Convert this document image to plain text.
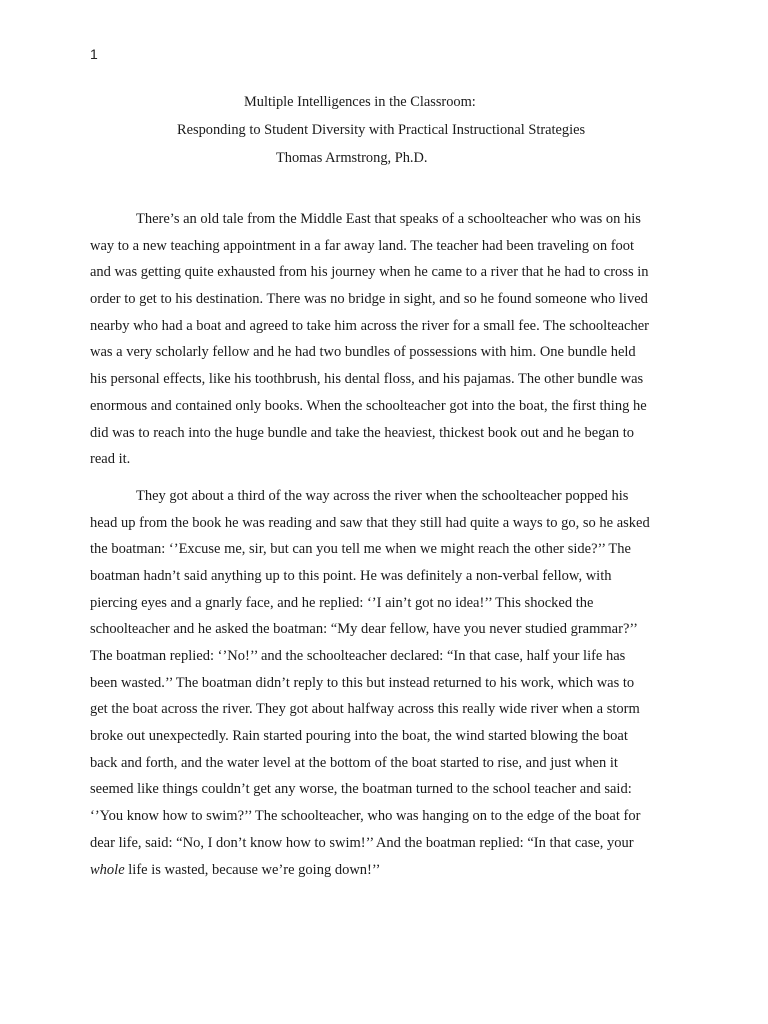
1
Multiple Intelligences in the Classroom:
Responding to Student Diversity with Practical Instructional Strategies
Thomas Armstrong, Ph.D.
There’s an old tale from the Middle East that speaks of a schoolteacher who was on his
way to a new teaching appointment in a far away land. The teacher had been traveling on foot
and was getting quite exhausted from his journey when he came to a river that he had to cross in
order to get to his destination. There was no bridge in sight, and so he found someone who lived
nearby who had a boat and agreed to take him across the river for a small fee. The schoolteacher
was a very scholarly fellow and he had two bundles of possessions with him. One bundle held
his personal effects, like his toothbrush, his dental floss, and his pajamas. The other bundle was
enormous and contained only books. When the schoolteacher got into the boat, the first thing he
did was to reach into the huge bundle and take the heaviest, thickest book out and he began to
read it.
They got about a third of the way across the river when the schoolteacher popped his
head up from the book he was reading and saw that they still had quite a ways to go, so he asked
the boatman: ‘’Excuse me, sir, but can you tell me when we might reach the other side?’’ The
boatman hadn’t said anything up to this point. He was definitely a non-verbal fellow, with
piercing eyes and a gnarly face, and he replied: ‘’I ain’t got no idea!’’ This shocked the
schoolteacher and he asked the boatman: “My dear fellow, have you never studied grammar?’’
The boatman replied: ‘’No!’’ and the schoolteacher declared: “In that case, half your life has
been wasted.’’ The boatman didn’t reply to this but instead returned to his work, which was to
get the boat across the river. They got about halfway across this really wide river when a storm
broke out unexpectedly. Rain started pouring into the boat, the wind started blowing the boat
back and forth, and the water level at the bottom of the boat started to rise, and just when it
seemed like things couldn’t get any worse, the boatman turned to the school teacher and said:
‘’You know how to swim?’’ The schoolteacher, who was hanging on to the edge of the boat for
dear life, said: “No, I don’t know how to swim!’’ And the boatman replied: “In that case, your
whole life is wasted, because we’re going down!’’
